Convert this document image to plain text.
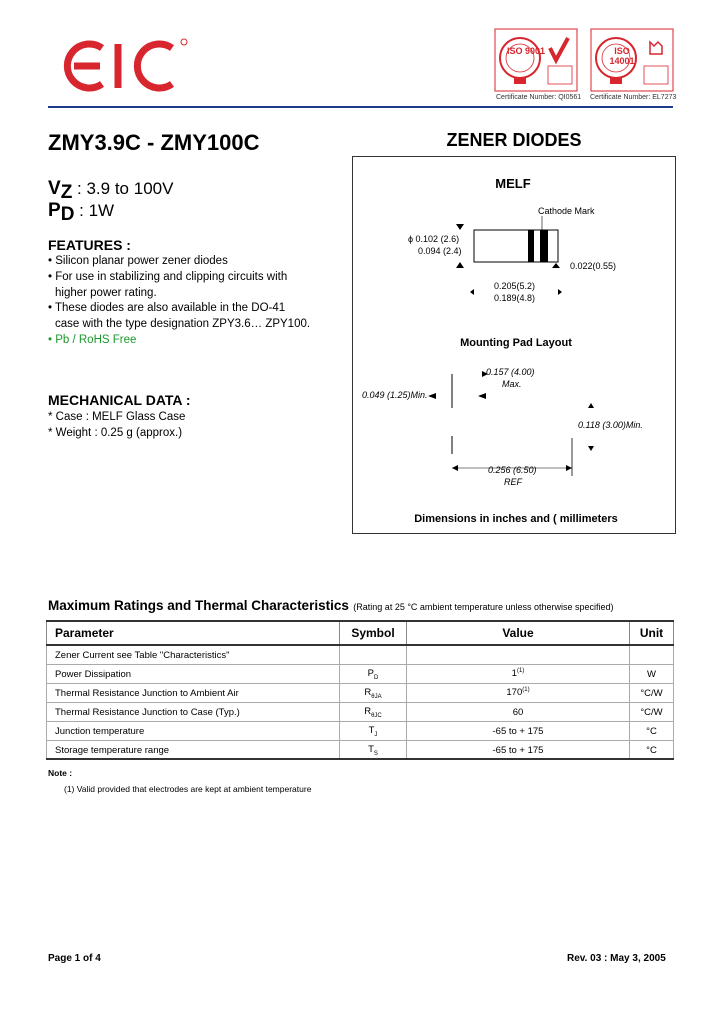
ISO 9001	ISO 14001
Certificate Number: QI0561 Certificate Number: EL7273
ZMY3.9C - ZMY100C	ZENER DIODES
$V_Z$ : 3.9 to 100V
$P_D$ : 1W
FEATURES :
• Silicon planar power zener diodes
• For use in stabilizing and clipping circuits with
higher power rating.
• These diodes are also available in the DO-41
case with the type designation ZPY3.6… ZPY100.
• Pb / RoHS Free
MECHANICAL DATA :
* Case : MELF Glass Case
* Weight : 0.25 g (approx.)
MELF
Cathode Mark
ϕ 0.102 (2.6)
0.094 (2.4)
0.022(0.55)
0.205(5.2)
0.189(4.8)
Mounting Pad Layout
0.157 (4.00)
Max.
0.049 (1.25)Min.
0.118 (3.00)Min.
0.256 (6.50)
REF
Dimensions in inches and ( millimeters
Maximum Ratings and Thermal Characteristics (Rating at 25 °C ambient temperature unless otherwise specified)
Parameter	Symbol	Value	Unit
Zener Current see Table "Characteristics"			
Power Dissipation	$P_D$	1$^{(1)}$	W
Thermal Resistance Junction to Ambient Air	$R_{\theta JA}$	170$^{(1)}$	°C/W
Thermal Resistance Junction to Case (Typ.)	$R_{\theta JC}$	60	°C/W
Junction temperature	$T_J$	-65 to + 175	°C
Storage temperature range	$T_S$	-65 to + 175	°C
Note :
(1) Valid provided that electrodes are kept at ambient temperature
Page 1 of 4	Rev. 03 : May 3, 2005
